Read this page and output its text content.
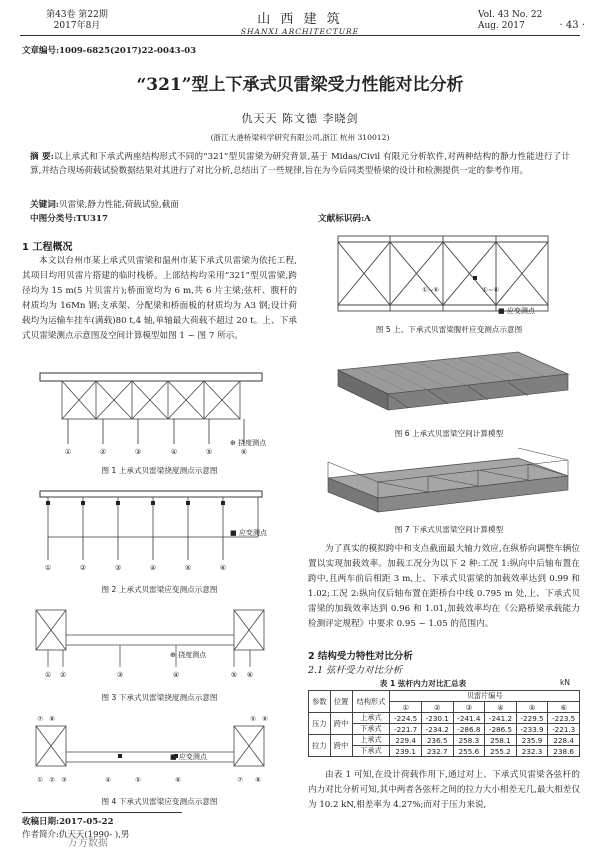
第43卷 第22期
2017年8月	山 西 建 筑
SHANXI ARCHITECTURE
Vol. 43 No. 22
Aug. 2017	· 43 ·
文章编号:1009-6825(2017)22-0043-03
“321”型上下承式贝雷梁受力性能对比分析
仇天天 陈文德 李晓剑
(浙江大港桥梁科学研究有限公司,浙江 杭州 310012)
摘 要:以上承式和下承式两座结构形式不同的“321”型贝雷梁为研究背景,基于 Midas/Civil 有限元分析软件,对两种结构的静力性能进行了计算,并结合现场荷载试验数据结果对其进行了对比分析,总结出了一些规律,旨在为今后同类型桥梁的设计和检测提供一定的参考作用。
关键词:贝雷梁,静力性能,荷载试验,截面
中图分类号:TU317	文献标识码:A
1 工程概况
本文以台州市某上承式贝雷梁和温州市某下承式贝雷梁为依托工程,其项目均用贝雷片搭建的临时栈桥。上部结构均采用“321”型贝雷梁,跨径均为 15 m(5 片贝雷片);桥面宽均为 6 m,共 6 片主梁;弦杆、腹杆的材质均为 16Mn 钢;支承架、分配梁和桥面板的材质均为 A3 钢;设计荷载均为运输车挂车(满载)80 t,4 轴,单轴最大荷载不超过 20 t。上、下承式贝雷梁测点示意图及空间计算模型如图 1 ~ 图 7 所示。
①	②	③	④	⑤	⑥
⊕ 挠度测点
图 1 上承式贝雷梁挠度测点示意图
①	②	③	④	⑤	⑥
■ 应变测点
图 2 上承式贝雷梁应变测点示意图
① ②	③	④	⑤ ⑥
⊕ 挠度测点
图 3 下承式贝雷梁挠度测点示意图
⑦ ⑧	⑤ ⑥
① ② ③	④	⑤	⑥	⑦ ⑧
■ 应变测点
图 4 下承式贝雷梁应变测点示意图
收稿日期:2017-05-22
作者简介:仇天天(1990- ),男
万方数据
①~⑥	①~⑥
■ 应变测点
图 5 上、下承式贝雷梁腹杆应变测点示意图
图 6 上承式贝雷梁空间计算模型
图 7 下承式贝雷梁空间计算模型
为了真实的模拟跨中和支点截面最大轴力效应,在纵桥向调整车辆位置以实现加载效率。加载工况分为以下 2 种:工况 1:纵向中后轴布置在跨中,且两车前后相距 3 m,上、下承式贝雷梁的加载效率达到 0.99 和 1.02;工况 2:纵向仅后轴布置在距桥台中线 0.795 m 处,上、下承式贝雷梁的加载效率达到 0.96 和 1.01,加载效率均在《公路桥梁承载能力检测评定规程》中要求 0.95 ~ 1.05 的范围内。
2 结构受力特性对比分析
2.1 弦杆受力对比分析
表 1 弦杆内力对比汇总表	kN
参数	位置	结构形式	贝雷片编号					
			①	②	③	④	⑤	⑥
压力	跨中	上承式	-224.5	-230.1	-241.4	-241.2	-229.5	-223.5
		下承式	-221.7	-234.2	-286.8	-286.5	-233.9	-221.3
拉力	跨中	上承式	229.4	236.5	258.3	258.1	235.9	228.4
		下承式	239.1	232.7	255.6	255.2	232.3	238.6
由表 1 可知,在设计荷载作用下,通过对上、下承式贝雷梁各弦杆的内力对比分析可知,其中两者各弦杆之间的拉力大小相差无几,最大相差仅为 10.2 kN,相差率为 4.27%;而对于压力来说,
